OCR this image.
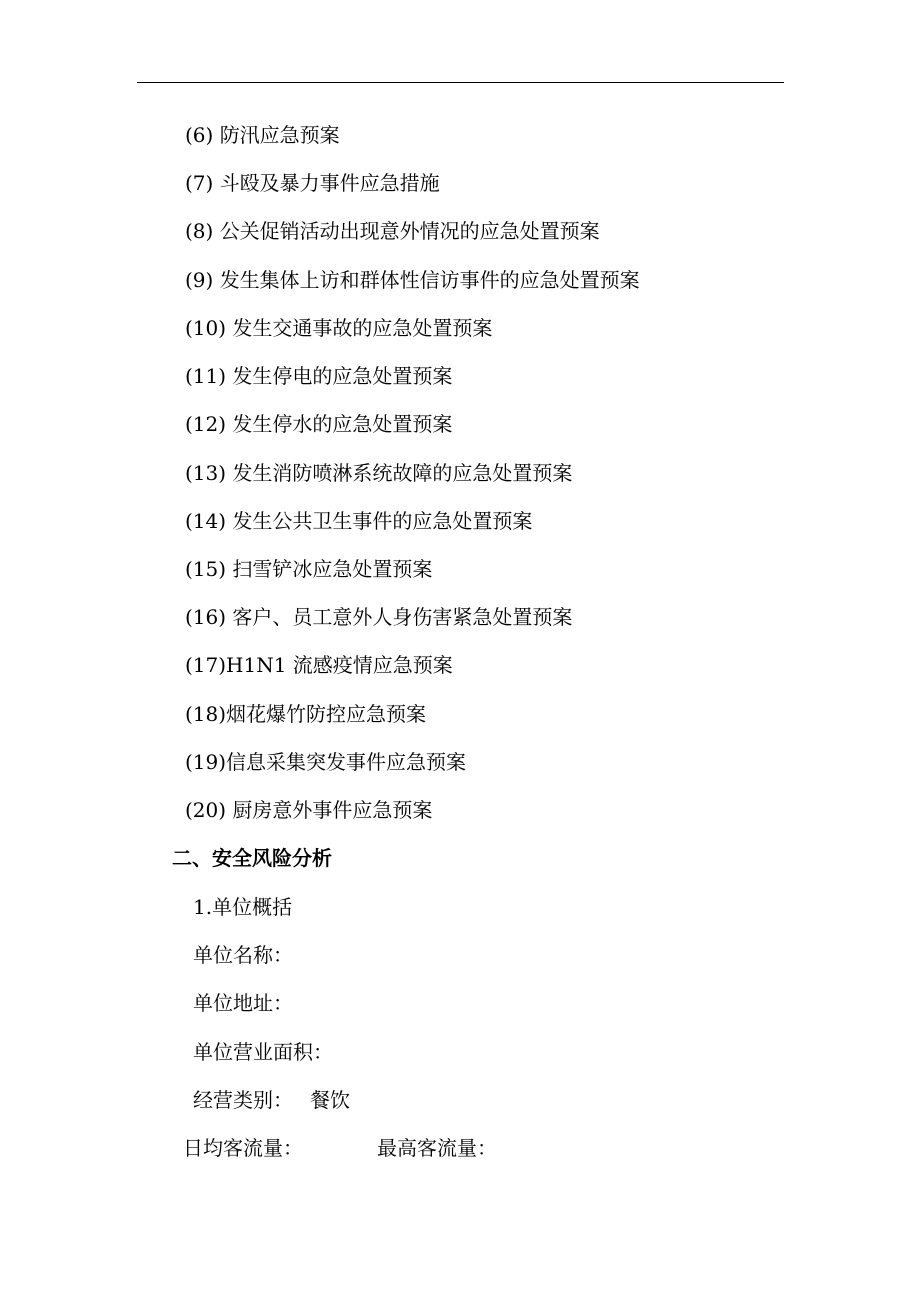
(6) 防汛应急预案
(7) 斗殴及暴力事件应急措施
(8) 公关促销活动出现意外情况的应急处置预案
(9) 发生集体上访和群体性信访事件的应急处置预案
(10) 发生交通事故的应急处置预案
(11) 发生停电的应急处置预案
(12) 发生停水的应急处置预案
(13) 发生消防喷淋系统故障的应急处置预案
(14) 发生公共卫生事件的应急处置预案
(15) 扫雪铲冰应急处置预案
(16) 客户、员工意外人身伤害紧急处置预案
(17)H1N1 流感疫情应急预案
(18)烟花爆竹防控应急预案
(19)信息采集突发事件应急预案
(20) 厨房意外事件应急预案
二、安全风险分析
1.单位概括
单位名称：
单位地址：
单位营业面积：
经营类别： 餐饮
日均客流量：	最高客流量：
